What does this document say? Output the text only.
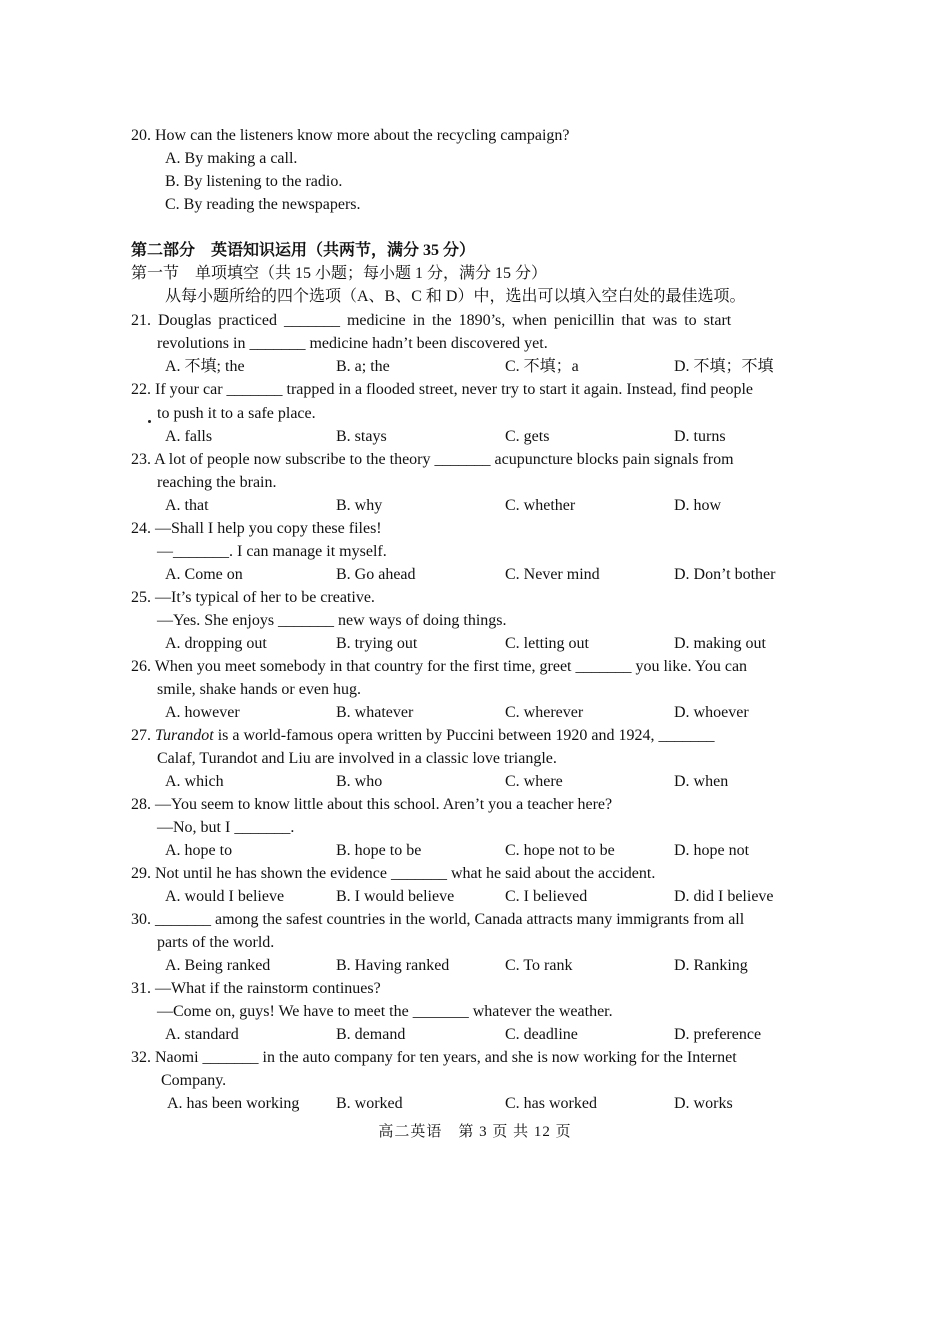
20. How can the listeners know more about the recycling campaign?
A. By making a call.
B. By listening to the radio.
C. By reading the newspapers.
第二部分　英语知识运用（共两节，满分 35 分）
第一节　单项填空（共 15 小题；每小题 1 分，满分 15 分）
从每小题所给的四个选项（A、B、C 和 D）中，选出可以填入空白处的最佳选项。
21. Douglas practiced _______ medicine in the 1890’s, when penicillin that was to start
revolutions in _______ medicine hadn’t been discovered yet.
A. 不填; the	B. a; the	C. 不填；a	D. 不填；不填
22. If your car _______ trapped in a flooded street, never try to start it again. Instead, find people
to push it to a safe place.
A. falls	B. stays	C. gets	D. turns
23. A lot of people now subscribe to the theory _______ acupuncture blocks pain signals from
reaching the brain.
A. that	B. why	C. whether	D. how
24. —Shall I help you copy these files!
—_______. I can manage it myself.
A. Come on	B. Go ahead	C. Never mind	D. Don’t bother
25. —It’s typical of her to be creative.
—Yes. She enjoys _______ new ways of doing things.
A. dropping out	B. trying out	C. letting out	D. making out
26. When you meet somebody in that country for the first time, greet _______ you like. You can
smile, shake hands or even hug.
A. however	B. whatever	C. wherever	D. whoever
27. Turandot is a world-famous opera written by Puccini between 1920 and 1924, _______
Calaf, Turandot and Liu are involved in a classic love triangle.
A. which	B. who	C. where	D. when
28. —You seem to know little about this school. Aren’t you a teacher here?
—No, but I _______.
A. hope to	B. hope to be	C. hope not to be	D. hope not
29. Not until he has shown the evidence _______ what he said about the accident.
A. would I believe	B. I would believe	C. I believed	D. did I believe
30. _______ among the safest countries in the world, Canada attracts many immigrants from all
parts of the world.
A. Being ranked	B. Having ranked	C. To rank	D. Ranking
31. —What if the rainstorm continues?
—Come on, guys! We have to meet the _______ whatever the weather.
A. standard	B. demand	C. deadline	D. preference
32. Naomi _______ in the auto company for ten years, and she is now working for the Internet
Company.
A. has been working B. worked	C. has worked	D. works
高二英语　第 3 页 共 12 页
